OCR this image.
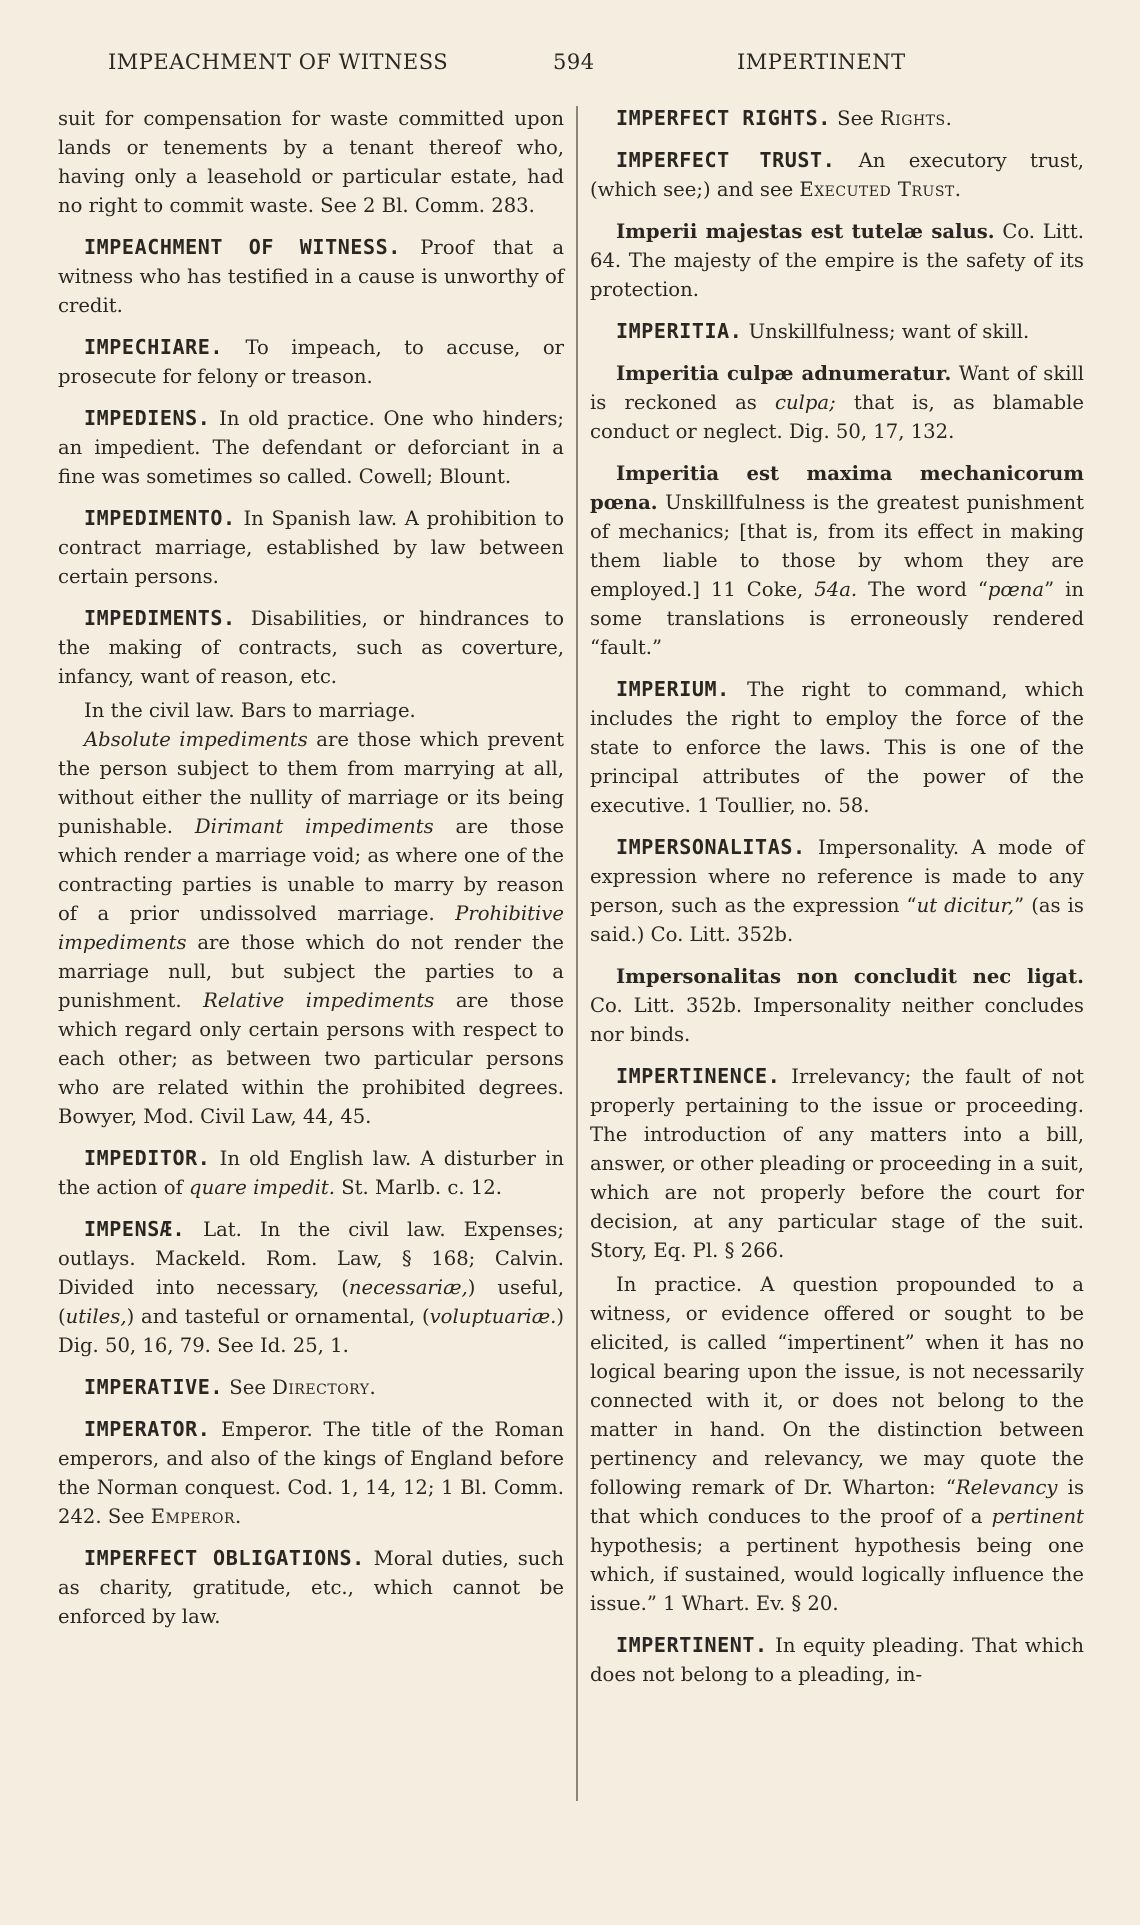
IMPEACHMENT OF WITNESS	594	IMPERTINENT

suit for compensation for waste committed upon lands or tenements by a tenant thereof who, having only a leasehold or particular estate, had no right to commit waste. See 2 Bl. Comm. 283.

IMPEACHMENT OF WITNESS. Proof that a witness who has testified in a cause is unworthy of credit.

IMPECHIARE. To impeach, to accuse, or prosecute for felony or treason.

IMPEDIENS. In old practice. One who hinders; an impedient. The defendant or deforciant in a fine was sometimes so called. Cowell; Blount.

IMPEDIMENTO. In Spanish law. A prohibition to contract marriage, established by law between certain persons.

IMPEDIMENTS. Disabilities, or hindrances to the making of contracts, such as coverture, infancy, want of reason, etc.

In the civil law. Bars to marriage.

Absolute impediments are those which prevent the person subject to them from marrying at all, without either the nullity of marriage or its being punishable. Dirimant impediments are those which render a marriage void; as where one of the contracting parties is unable to marry by reason of a prior undissolved marriage. Prohibitive impediments are those which do not render the marriage null, but subject the parties to a punishment. Relative impediments are those which regard only certain persons with respect to each other; as between two particular persons who are related within the prohibited degrees. Bowyer, Mod. Civil Law, 44, 45.

IMPEDITOR. In old English law. A disturber in the action of quare impedit. St. Marlb. c. 12.

IMPENSÆ. Lat. In the civil law. Expenses; outlays. Mackeld. Rom. Law, § 168; Calvin. Divided into necessary, (necessariæ,) useful, (utiles,) and tasteful or ornamental, (voluptuariæ.) Dig. 50, 16, 79. See Id. 25, 1.

IMPERATIVE. See Directory.

IMPERATOR. Emperor. The title of the Roman emperors, and also of the kings of England before the Norman conquest. Cod. 1, 14, 12; 1 Bl. Comm. 242. See Emperor.

IMPERFECT OBLIGATIONS. Moral duties, such as charity, gratitude, etc., which cannot be enforced by law.

IMPERFECT RIGHTS. See Rights.

IMPERFECT TRUST. An executory trust, (which see;) and see Executed Trust.

Imperii majestas est tutelæ salus. Co. Litt. 64. The majesty of the empire is the safety of its protection.

IMPERITIA. Unskillfulness; want of skill.

Imperitia culpæ adnumeratur. Want of skill is reckoned as culpa; that is, as blamable conduct or neglect. Dig. 50, 17, 132.

Imperitia est maxima mechanicorum pœna. Unskillfulness is the greatest punishment of mechanics; [that is, from its effect in making them liable to those by whom they are employed.] 11 Coke, 54a. The word “pœna” in some translations is erroneously rendered “fault.”

IMPERIUM. The right to command, which includes the right to employ the force of the state to enforce the laws. This is one of the principal attributes of the power of the executive. 1 Toullier, no. 58.

IMPERSONALITAS. Impersonality. A mode of expression where no reference is made to any person, such as the expression “ut dicitur,” (as is said.) Co. Litt. 352b.

Impersonalitas non concludit nec ligat. Co. Litt. 352b. Impersonality neither concludes nor binds.

IMPERTINENCE. Irrelevancy; the fault of not properly pertaining to the issue or proceeding. The introduction of any matters into a bill, answer, or other pleading or proceeding in a suit, which are not properly before the court for decision, at any particular stage of the suit. Story, Eq. Pl. § 266.

In practice. A question propounded to a witness, or evidence offered or sought to be elicited, is called “impertinent” when it has no logical bearing upon the issue, is not necessarily connected with it, or does not belong to the matter in hand. On the distinction between pertinency and relevancy, we may quote the following remark of Dr. Wharton: “Relevancy is that which conduces to the proof of a pertinent hypothesis; a pertinent hypothesis being one which, if sustained, would logically influence the issue.” 1 Whart. Ev. § 20.

IMPERTINENT. In equity pleading. That which does not belong to a pleading, in-
